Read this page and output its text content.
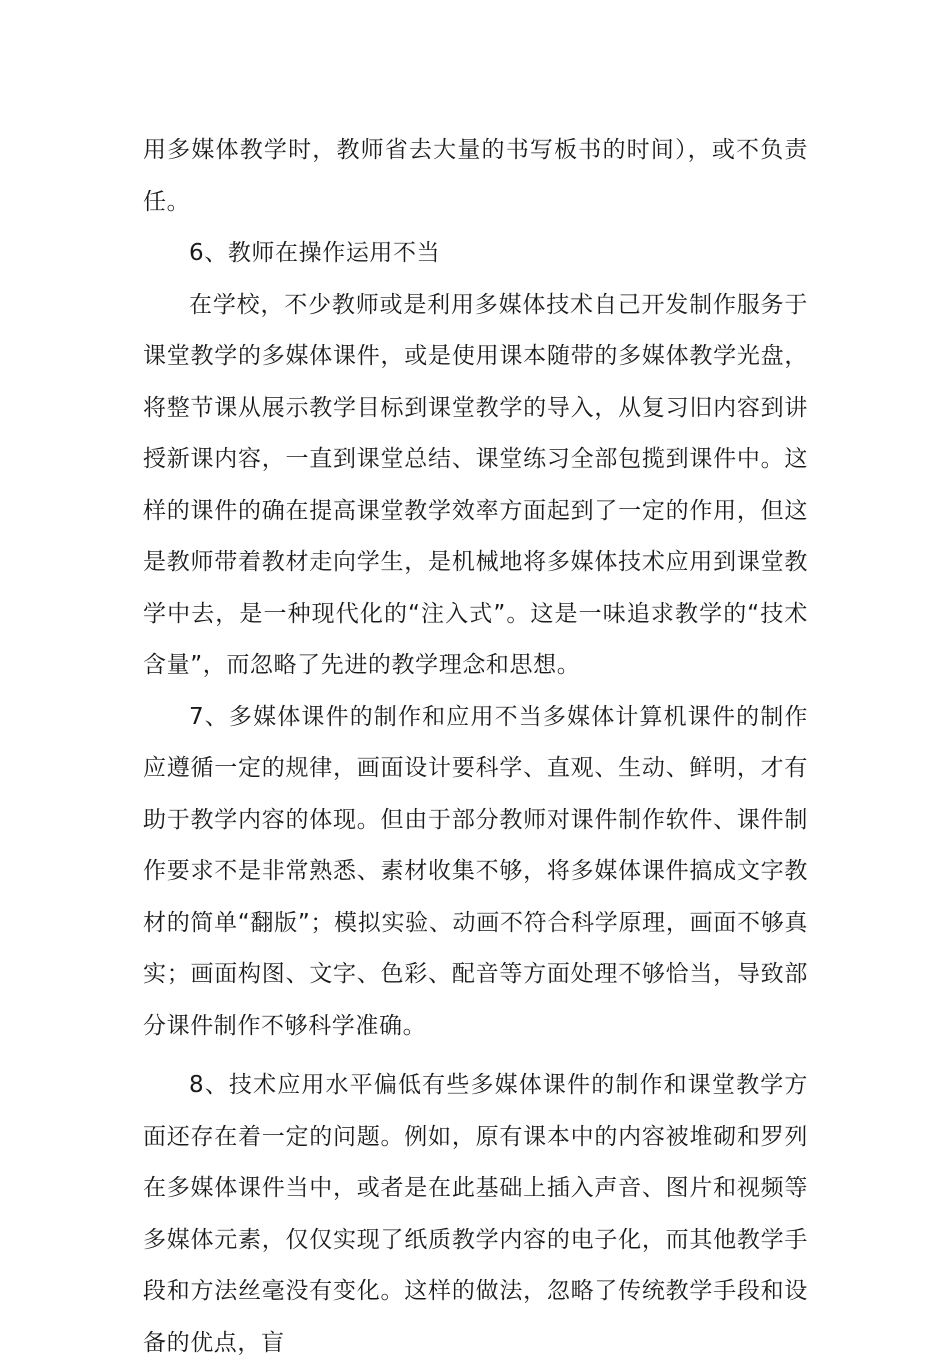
用多媒体教学时，教师省去大量的书写板书的时间），或不负责任。

6、教师在操作运用不当

在学校，不少教师或是利用多媒体技术自己开发制作服务于课堂教学的多媒体课件，或是使用课本随带的多媒体教学光盘，将整节课从展示教学目标到课堂教学的导入，从复习旧内容到讲授新课内容，一直到课堂总结、课堂练习全部包揽到课件中。这样的课件的确在提高课堂教学效率方面起到了一定的作用，但这是教师带着教材走向学生，是机械地将多媒体技术应用到课堂教学中去，是一种现代化的“注入式”。这是一味追求教学的“技术含量”，而忽略了先进的教学理念和思想。

7、多媒体课件的制作和应用不当多媒体计算机课件的制作应遵循一定的规律，画面设计要科学、直观、生动、鲜明，才有助于教学内容的体现。但由于部分教师对课件制作软件、课件制作要求不是非常熟悉、素材收集不够，将多媒体课件搞成文字教材的简单“翻版”；模拟实验、动画不符合科学原理，画面不够真实；画面构图、文字、色彩、配音等方面处理不够恰当，导致部分课件制作不够科学准确。

8、技术应用水平偏低有些多媒体课件的制作和课堂教学方面还存在着一定的问题。例如，原有课本中的内容被堆砌和罗列在多媒体课件当中，或者是在此基础上插入声音、图片和视频等多媒体元素，仅仅实现了纸质教学内容的电子化，而其他教学手段和方法丝毫没有变化。这样的做法，忽略了传统教学手段和设备的优点，盲
